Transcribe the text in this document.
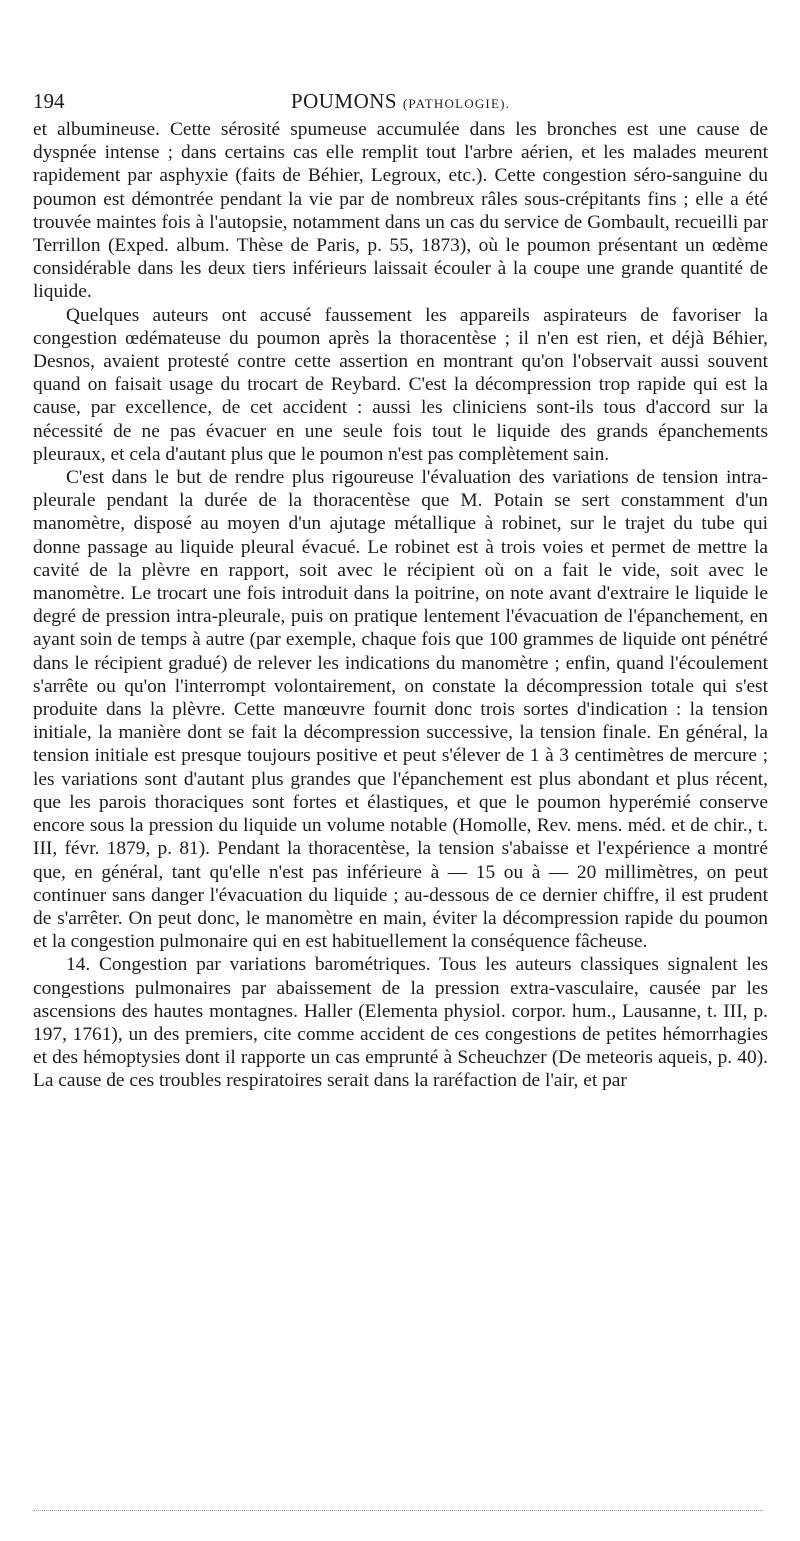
194	POUMONS (PATHOLOGIE).

et albumineuse. Cette sérosité spumeuse accumulée dans les bronches est une cause de dyspnée intense ; dans certains cas elle remplit tout l'arbre aérien, et les malades meurent rapidement par asphyxie (faits de Béhier, Legroux, etc.). Cette congestion séro-sanguine du poumon est démontrée pendant la vie par de nombreux râles sous-crépitants fins ; elle a été trouvée maintes fois à l'autopsie, notamment dans un cas du service de Gombault, recueilli par Terrillon (Exped. album. Thèse de Paris, p. 55, 1873), où le poumon présentant un œdème considérable dans les deux tiers inférieurs laissait écouler à la coupe une grande quantité de liquide.

Quelques auteurs ont accusé faussement les appareils aspirateurs de favoriser la congestion œdémateuse du poumon après la thoracentèse ; il n'en est rien, et déjà Béhier, Desnos, avaient protesté contre cette assertion en montrant qu'on l'observait aussi souvent quand on faisait usage du trocart de Reybard. C'est la décompression trop rapide qui est la cause, par excellence, de cet accident : aussi les cliniciens sont-ils tous d'accord sur la nécessité de ne pas évacuer en une seule fois tout le liquide des grands épanchements pleuraux, et cela d'autant plus que le poumon n'est pas complètement sain.

C'est dans le but de rendre plus rigoureuse l'évaluation des variations de tension intra-pleurale pendant la durée de la thoracentèse que M. Potain se sert constamment d'un manomètre, disposé au moyen d'un ajutage métallique à robinet, sur le trajet du tube qui donne passage au liquide pleural évacué. Le robinet est à trois voies et permet de mettre la cavité de la plèvre en rapport, soit avec le récipient où on a fait le vide, soit avec le manomètre. Le trocart une fois introduit dans la poitrine, on note avant d'extraire le liquide le degré de pression intra-pleurale, puis on pratique lentement l'évacuation de l'épanchement, en ayant soin de temps à autre (par exemple, chaque fois que 100 grammes de liquide ont pénétré dans le récipient gradué) de relever les indications du manomètre ; enfin, quand l'écoulement s'arrête ou qu'on l'interrompt volontairement, on constate la décompression totale qui s'est produite dans la plèvre. Cette manœuvre fournit donc trois sortes d'indication : la tension initiale, la manière dont se fait la décompression successive, la tension finale. En général, la tension initiale est presque toujours positive et peut s'élever de 1 à 3 centimètres de mercure ; les variations sont d'autant plus grandes que l'épanchement est plus abondant et plus récent, que les parois thoraciques sont fortes et élastiques, et que le poumon hyperémié conserve encore sous la pression du liquide un volume notable (Homolle, Rev. mens. méd. et de chir., t. III, févr. 1879, p. 81). Pendant la thoracentèse, la tension s'abaisse et l'expérience a montré que, en général, tant qu'elle n'est pas inférieure à — 15 ou à — 20 millimètres, on peut continuer sans danger l'évacuation du liquide ; au-dessous de ce dernier chiffre, il est prudent de s'arrêter. On peut donc, le manomètre en main, éviter la décompression rapide du poumon et la congestion pulmonaire qui en est habituellement la conséquence fâcheuse.

14. Congestion par variations barométriques. Tous les auteurs classiques signalent les congestions pulmonaires par abaissement de la pression extra-vasculaire, causée par les ascensions des hautes montagnes. Haller (Elementa physiol. corpor. hum., Lausanne, t. III, p. 197, 1761), un des premiers, cite comme accident de ces congestions de petites hémorrhagies et des hémoptysies dont il rapporte un cas emprunté à Scheuchzer (De meteoris aqueis, p. 40). La cause de ces troubles respiratoires serait dans la raréfaction de l'air, et par
